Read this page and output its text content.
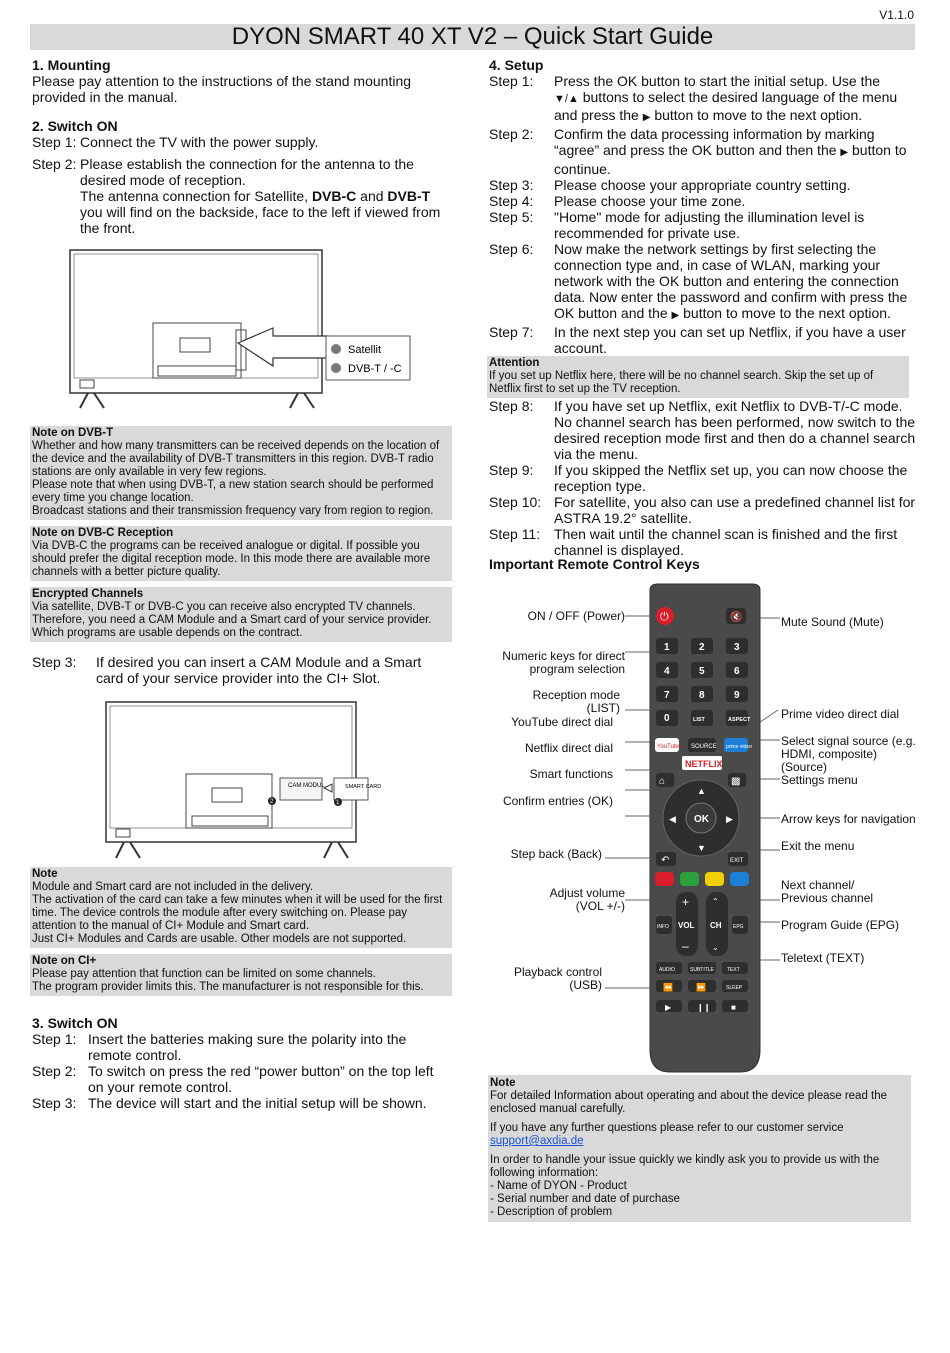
V1.1.0
DYON SMART 40 XT V2 – Quick Start Guide
1. Mounting
Please pay attention to the instructions of the stand mounting provided in the manual.
2. Switch ON
Step 1: Connect the TV with the power supply.
Step 2: Please establish the connection for the antenna to the desired mode of reception.
The antenna connection for Satellite, DVB-C and DVB-T you will find on the backside, face to the left if viewed from the front.
Satellit
DVB-T / -C
Note on DVB-T
Whether and how many transmitters can be received depends on the location of the device and the availability of DVB-T transmitters in this region. DVB-T radio stations are only available in very few regions.
Please note that when using DVB-T, a new station search should be performed every time you change location.
Broadcast stations and their transmission frequency vary from region to region.
Note on DVB-C Reception
Via DVB-C the programs can be received analogue or digital. If possible you should prefer the digital reception mode. In this mode there are available more channels with a better picture quality.
Encrypted Channels
Via satellite, DVB-T or DVB-C you can receive also encrypted TV channels. Therefore, you need a CAM Module and a Smart card of your service provider. Which programs are usable depends on the contract.
Step 3:	If desired you can insert a CAM Module and a Smart card of your service provider into the CI+ Slot.
CAM MODUL	SMART CARD
1
2
Note
Module and Smart card are not included in the delivery.
The activation of the card can take a few minutes when it will be used for the first time. The device controls the module after every switching on. Please pay attention to the manual of CI+ Module and Smart card.
Just CI+ Modules and Cards are usable. Other models are not supported.
Note on CI+
Please pay attention that function can be limited on some channels.
The program provider limits this. The manufacturer is not responsible for this.
3. Switch ON
Step 1: Insert the batteries making sure the polarity into the remote control.
Step 2: To switch on press the red “power button” on the top left on your remote control.
Step 3: The device will start and the initial setup will be shown.
4. Setup
Step 1:	Press the OK button to start the initial setup. Use the
▼/▲ buttons to select the desired language of the menu and press the ▶ button to move to the next option.
Step 2:	Confirm the data processing information by marking “agree” and press the OK button and then the ▶ button to continue.
Step 3:	Please choose your appropriate country setting.
Step 4:	Please choose your time zone.
Step 5:	"Home" mode for adjusting the illumination level is recommended for private use.
Step 6:	Now make the network settings by first selecting the connection type and, in case of WLAN, marking your network with the OK button and entering the connection data. Now enter the password and confirm with press the OK button and the ▶ button to move to the next option.
Step 7:	In the next step you can set up Netflix, if you have a user account.
Attention
If you set up Netflix here, there will be no channel search. Skip the set up of Netflix first to set up the TV reception.
Step 8:	If you have set up Netflix, exit Netflix to DVB-T/-C mode. No channel search has been performed, now switch to the desired reception mode first and then do a channel search via the menu.
Step 9:	If you skipped the Netflix set up, you can now choose the reception type.
Step 10: For satellite, you also can use a predefined channel list for ASTRA 19.2° satellite.
Step 11: Then wait until the channel scan is finished and the first channel is displayed.
Important Remote Control Keys
ON / OFF (Power)
Numeric keys for direct program selection
Reception mode (LIST)
YouTube direct dial
Netflix direct dial
Smart functions
Confirm entries (OK)
Step back (Back)
Adjust volume (VOL +/-)
Playback control (USB)
Mute Sound (Mute)
Prime video direct dial
Select signal source (e.g. HDMI, composite) (Source)
Settings menu
Arrow keys for navigation
Exit the menu
Next channel/ Previous channel
Program Guide (EPG)
Teletext (TEXT)
⏻	🔇
1	2	3
4	5	6
7	8	9
0	LIST	ASPECT
YouTube SOURCE prime video
NETFLIX
⌂	▩
OK
▲
▼
◀	▶
↶	EXIT
INFO
+
VOL
–
⌃
CH
⌄
EPG
AUDIO	SUBTITLE	TEXT
⏪	⏩	SLEEP
▶	❙❙	■
Note
For detailed Information about operating and about the device please read the enclosed manual carefully.
If you have any further questions please refer to our customer service
support@axdia.de
In order to handle your issue quickly we kindly ask you to provide us with the following information:
- Name of DYON - Product
- Serial number and date of purchase
- Description of problem
